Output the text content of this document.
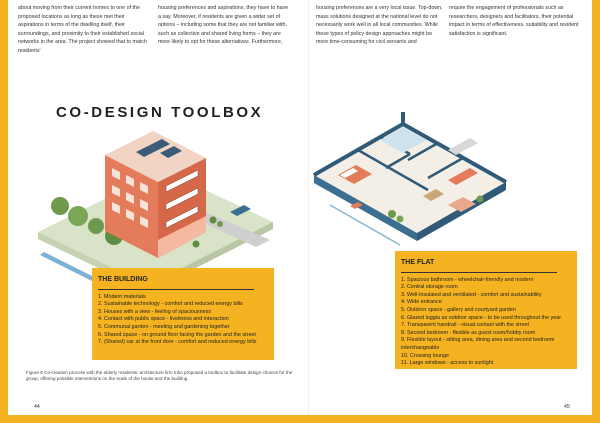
about moving from their current homes to one of the proposed locations as long as these met their aspirations in terms of the dwelling itself, their surroundings, and proximity to their established social networks in the area. The project showed that to match residents'

housing preferences and aspirations, they have to have a say. Moreover, if residents are given a wider set of options – including some that they are not familiar with, such as collective and shared living forms – they are more likely to opt for these alternatives. Furthermore,

housing preferences are a very local issue. Top-down, mass solutions designed at the national level do not necessarily work well in all local communities. While these types of policy design approaches might be more time-consuming for civil servants and

require the engagement of professionals such as researchers, designers and facilitators, their potential impact in terms of effectiveness, suitability and resident satisfaction is significant.

CO-DESIGN TOOLBOX
THE BUILDING
1. Modern materials
2. Sustainable technology - comfort and reduced energy bills
3. Houses with a view - feeling of spaciousness
4. Contact with public space - liveliness and interaction
5. Communal garden - meeting and gardening together
6. Shared space - on ground floor facing the garden and the street
7. (Shared) car at the front door - comfort and reduced energy bills
THE FLAT
1. Spacious bathroom - wheelchair-friendly and modern
2. Central storage room
3. Well-insulated and ventilated - comfort and sustainability
4. Wide entrance
5. Outdoor space - gallery and courtyard garden
6. Glazed loggia as outdoor space - to be used throughout the year
7. Transparent handrail - visual contact with the street
8. Second bedroom - flexible as guest room/hobby room
9. Flexible layout - sitting area, dining area and second bedroom interchangeable
10. Crossing lounge
11. Large windows - access to sunlight
Figure 6 Co-creation process with the elderly residents: architecture firm Inbo proposed a toolbox to facilitate design choices for the group, offering possible interventions on the scale of the house and the building.
44	45
